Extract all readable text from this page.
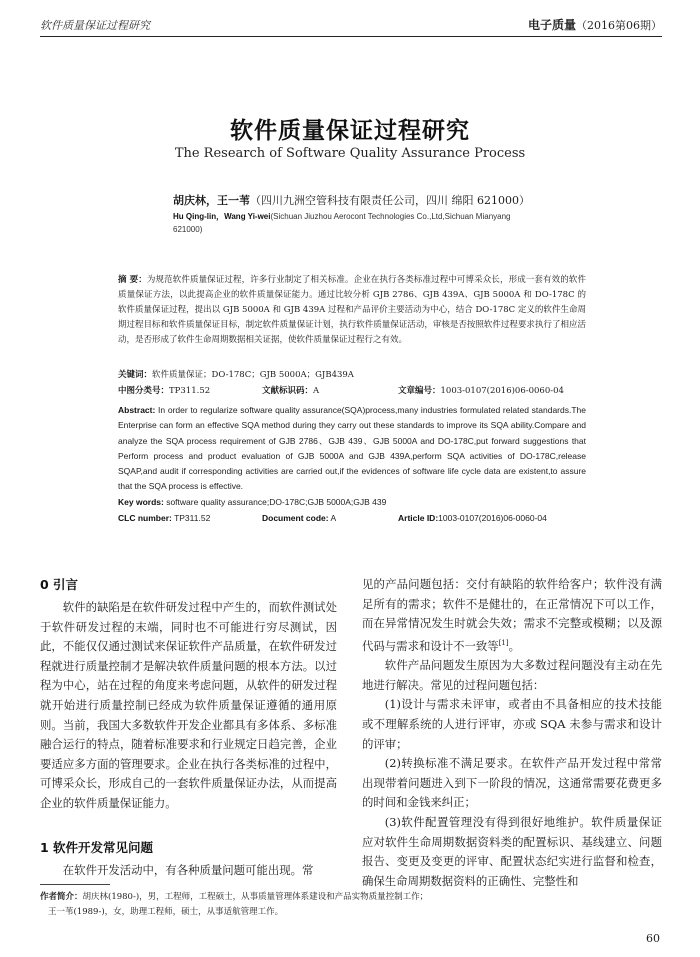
软件质量保证过程研究	电子质量（2016第06期）
软件质量保证过程研究
The Research of Software Quality Assurance Process
胡庆林，王一苇（四川九洲空管科技有限责任公司，四川 绵阳 621000）
Hu Qing-lin，Wang Yi-wei(Sichuan Jiuzhou Aerocont Technologies Co.,Ltd,Sichuan Mianyang 621000)
摘 要：为规范软件质量保证过程，许多行业制定了相关标准。企业在执行各类标准过程中可博采众长，形成一套有效的软件质量保证方法，以此提高企业的软件质量保证能力。通过比较分析 GJB 2786、GJB 439A、GJB 5000A 和 DO-178C 的软件质量保证过程，提出以 GJB 5000A 和 GJB 439A 过程和产品评价主要活动为中心，结合 DO-178C 定义的软件生命周期过程目标和软件质量保证目标，制定软件质量保证计划，执行软件质量保证活动，审核是否按照软件过程要求执行了相应活动，是否形成了软件生命周期数据相关证据，使软件质量保证过程行之有效。
关键词：软件质量保证；DO-178C；GJB 5000A；GJB439A
中图分类号：TP311.52	文献标识码：A	文章编号：1003-0107(2016)06-0060-04
Abstract: In order to regularize software quality assurance(SQA)process,many industries formulated related standards.The Enterprise can form an effective SQA method during they carry out these standards to improve its SQA ability.Compare and analyze the SQA process requirement of GJB 2786、GJB 439、GJB 5000A and DO-178C,put forward suggestions that Perform process and product evaluation of GJB 5000A and GJB 439A,perform SQA activities of DO-178C,release SQAP,and audit if corresponding activities are carried out,if the evidences of software life cycle data are existent,to assure that the SQA process is effective.
Key words: software quality assurance;DO-178C;GJB 5000A;GJB 439
CLC number: TP311.52	Document code: A	Article ID:1003-0107(2016)06-0060-04
0 引言

软件的缺陷是在软件研发过程中产生的，而软件测试处于软件研发过程的末端，同时也不可能进行穷尽测试，因此，不能仅仅通过测试来保证软件产品质量，在软件研发过程就进行质量控制才是解决软件质量问题的根本方法。以过程为中心，站在过程的角度来考虑问题，从软件的研发过程就开始进行质量控制已经成为软件质量保证遵循的通用原则。当前，我国大多数软件开发企业都具有多体系、多标准融合运行的特点，随着标准要求和行业规定日趋完善，企业要适应多方面的管理要求。企业在执行各类标准的过程中，可博采众长，形成自己的一套软件质量保证办法，从而提高企业的软件质量保证能力。

1 软件开发常见问题

在软件开发活动中，有各种质量问题可能出现。常

见的产品问题包括：交付有缺陷的软件给客户；软件没有满足所有的需求；软件不是健壮的，在正常情况下可以工作，而在异常情况发生时就会失效；需求不完整或模糊；以及源代码与需求和设计不一致等[1]。

软件产品问题发生原因为大多数过程问题没有主动在先地进行解决。常见的过程问题包括：

(1)设计与需求未评审，或者由不具备相应的技术技能或不理解系统的人进行评审，亦或 SQA 未参与需求和设计的评审；

(2)转换标准不满足要求。在软件产品开发过程中常常出现带着问题进入到下一阶段的情况，这通常需要花费更多的时间和金钱来纠正；

(3)软件配置管理没有得到很好地维护。软件质量保证应对软件生命周期数据资料类的配置标识、基线建立、问题报告、变更及变更的评审、配置状态纪实进行监督和检查，确保生命周期数据资料的正确性、完整性和

作者简介：胡庆林(1980-)，男，工程师，工程硕士，从事质量管理体系建设和产品实物质量控制工作；
王一苇(1989-)，女，助理工程师，硕士，从事适航管理工作。
60
